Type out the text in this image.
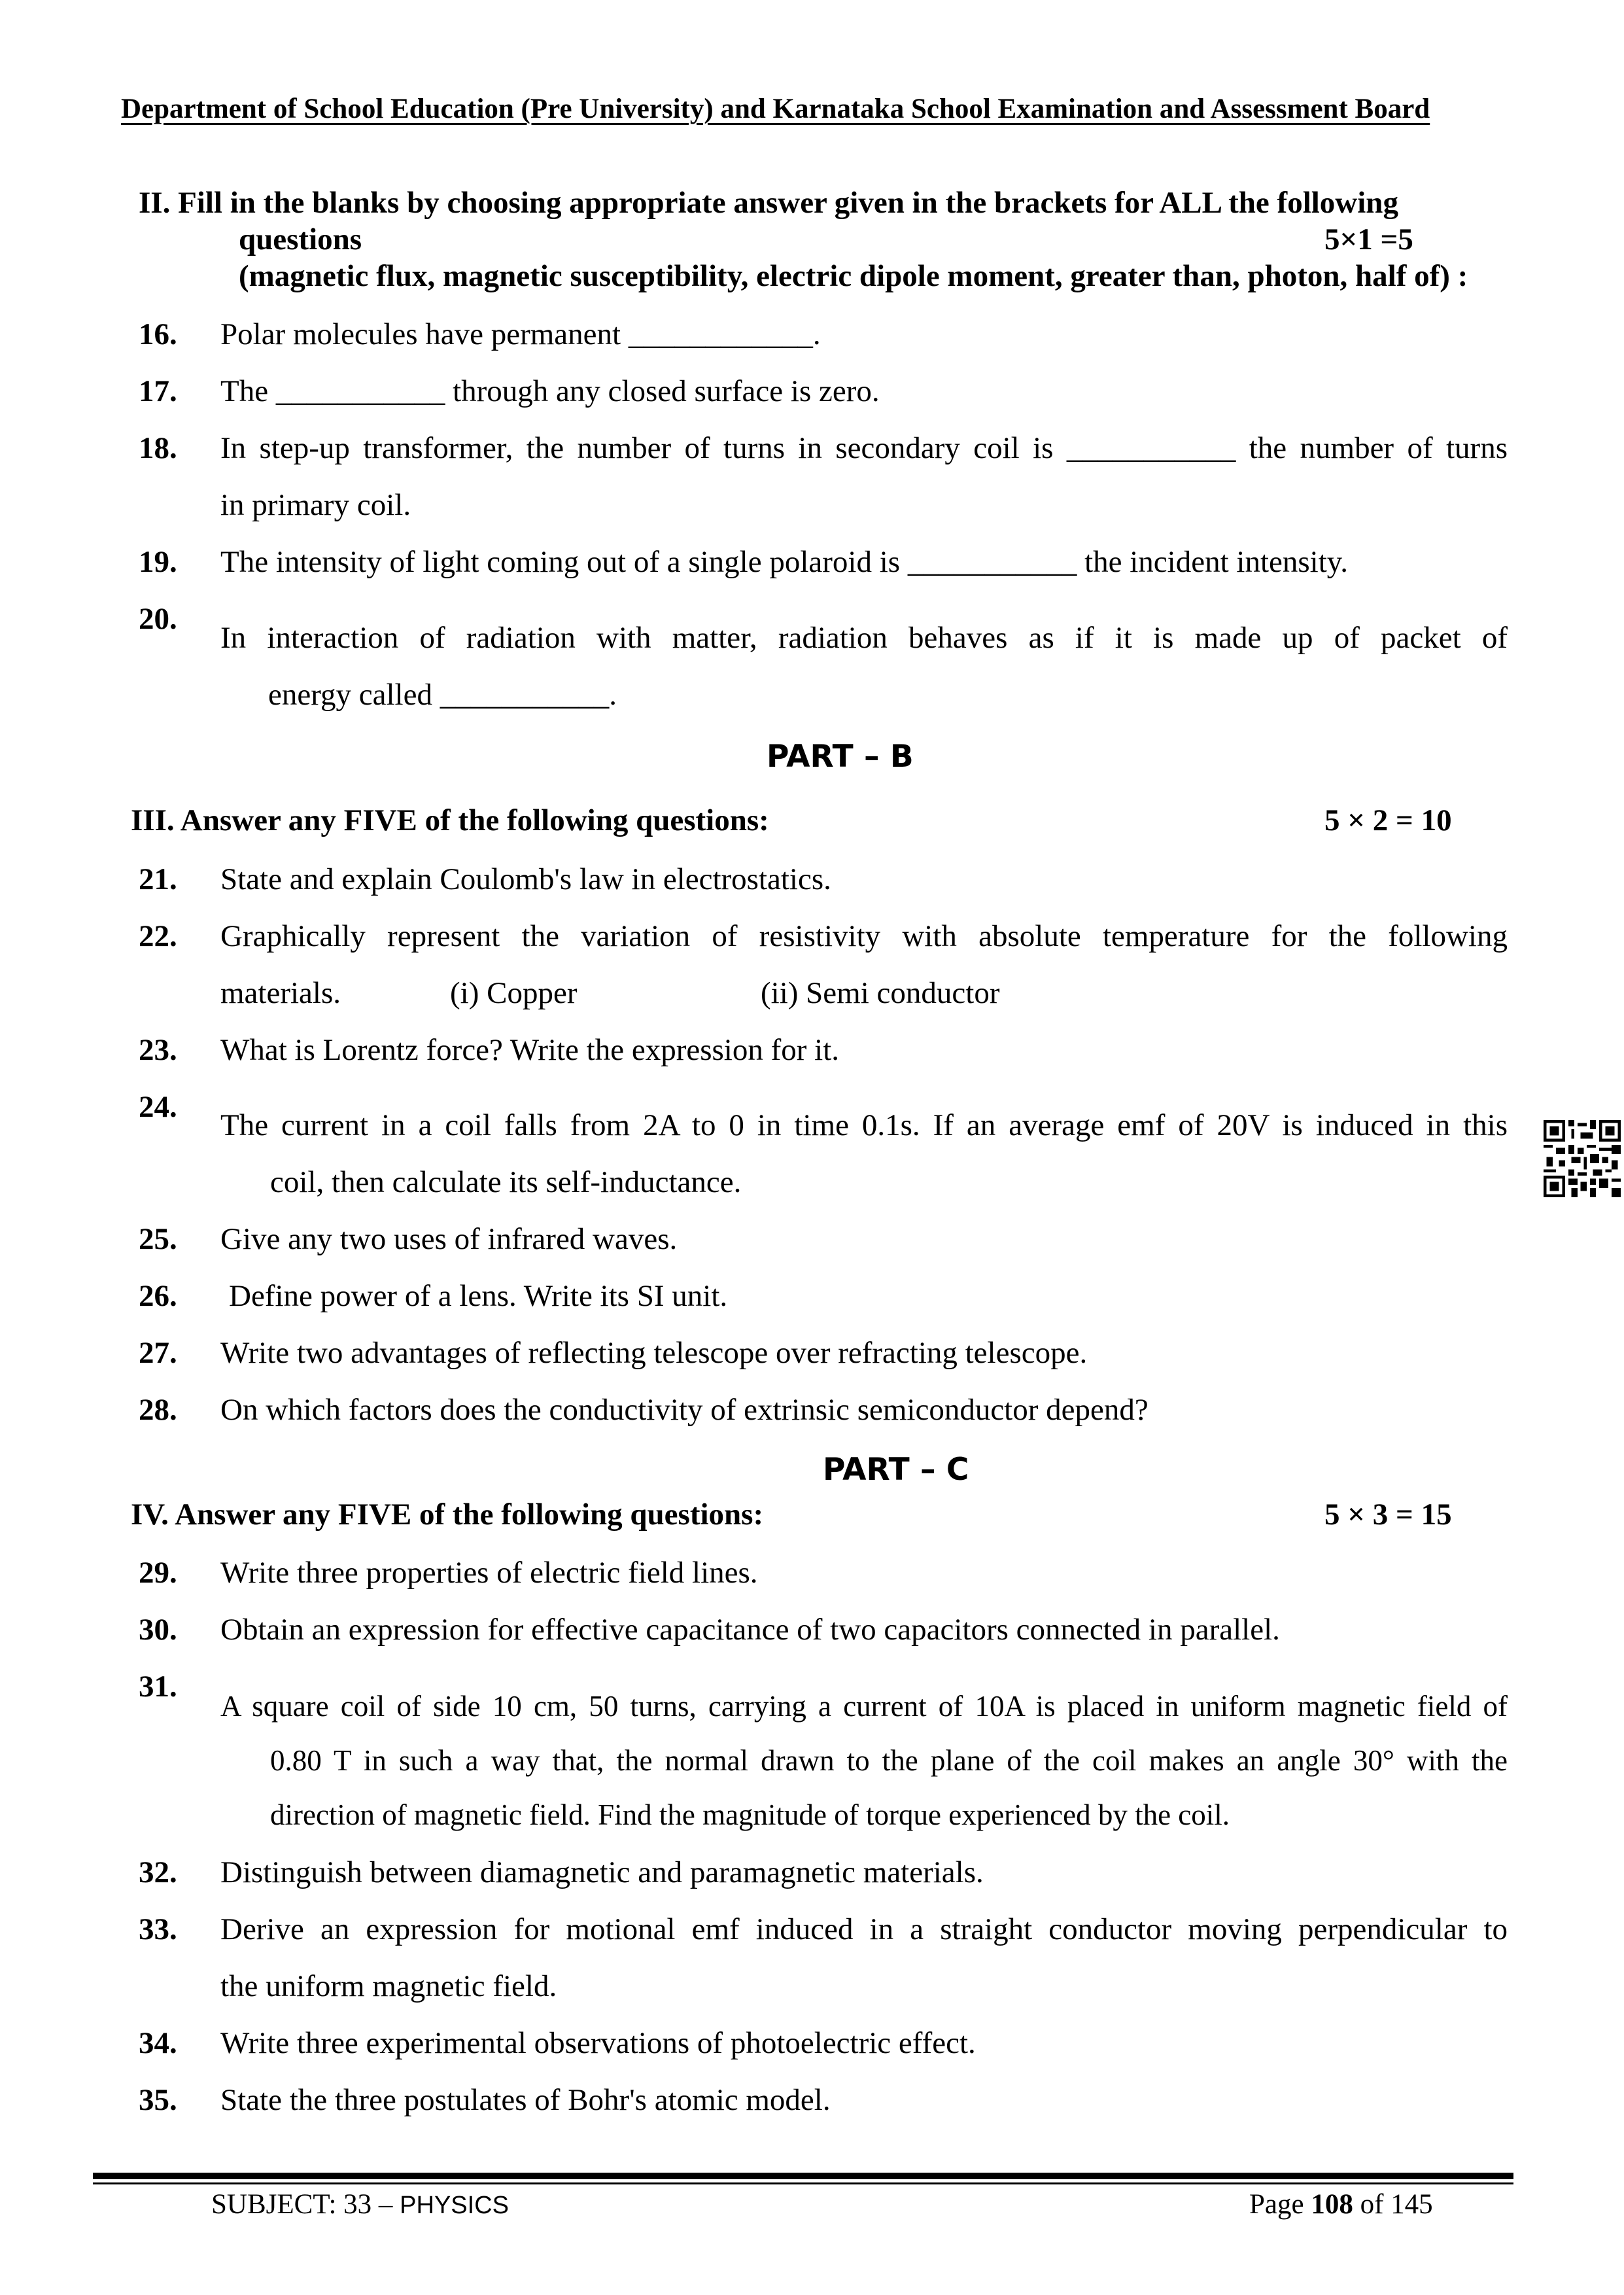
Department of School Education (Pre University) and Karnataka School Examination and Assessment Board
II. Fill in the blanks by choosing appropriate answer given in the brackets for ALL the following
questions	5×1 =5
(magnetic flux, magnetic susceptibility, electric dipole moment, greater than, photon, half of) :
16. Polar molecules have permanent ____________.
17. The ___________ through any closed surface is zero.
18. In step-up transformer, the number of turns in secondary coil is ___________ the number of turns
in primary coil.
19. The intensity of light coming out of a single polaroid is ___________ the incident intensity.
20.
In interaction of radiation with matter, radiation behaves as if it is made up of packet of
energy called ___________.
PART – B
III. Answer any FIVE of the following questions:	5 × 2 = 10
21. State and explain Coulomb's law in electrostatics.
22. Graphically represent the variation of resistivity with absolute temperature for the following
materials.	(i) Copper	(ii) Semi conductor
23. What is Lorentz force? Write the expression for it.
24.
The current in a coil falls from 2A to 0 in time 0.1s. If an average emf of 20V is induced in this
coil, then calculate its self-inductance.
25. Give any two uses of infrared waves.
26. Define power of a lens. Write its SI unit.
27. Write two advantages of reflecting telescope over refracting telescope.
28. On which factors does the conductivity of extrinsic semiconductor depend?
PART – C
IV. Answer any FIVE of the following questions:	5 × 3 = 15
29. Write three properties of electric field lines.
30. Obtain an expression for effective capacitance of two capacitors connected in parallel.
31.
A square coil of side 10 cm, 50 turns, carrying a current of 10A is placed in uniform magnetic field of
0.80 T in such a way that, the normal drawn to the plane of the coil makes an angle 30° with the
direction of magnetic field. Find the magnitude of torque experienced by the coil.
32. Distinguish between diamagnetic and paramagnetic materials.
33. Derive an expression for motional emf induced in a straight conductor moving perpendicular to
the uniform magnetic field.
34. Write three experimental observations of photoelectric effect.
35. State the three postulates of Bohr's atomic model.
SUBJECT: 33 – PHYSICS	Page 108 of 145
